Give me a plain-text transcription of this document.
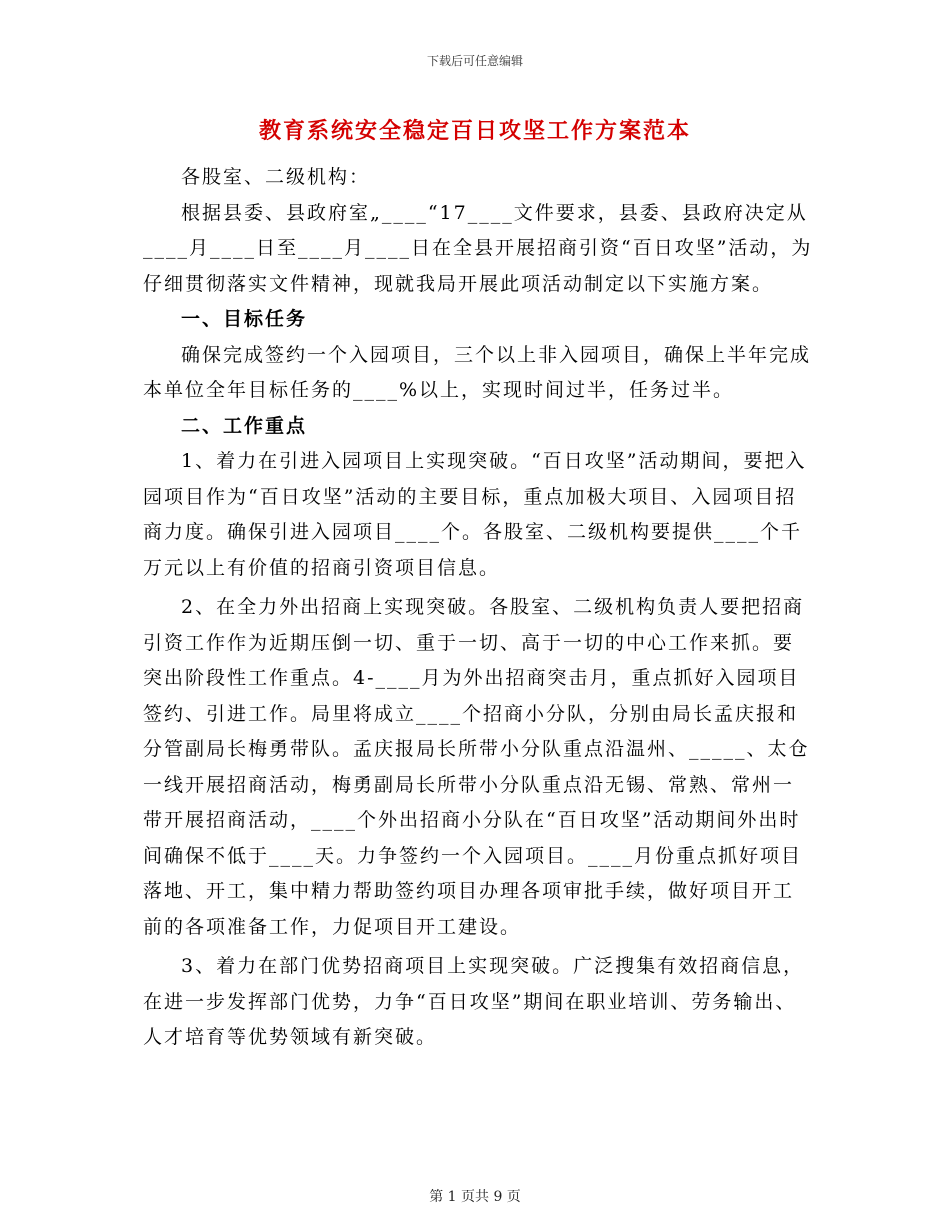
下载后可任意编辑
教育系统安全稳定百日攻坚工作方案范本

各股室、二级机构：

根据县委、县政府室„____“17____文件要求，县委、县政府决定从____月____日至____月____日在全县开展招商引资“百日攻坚”活动，为仔细贯彻落实文件精神，现就我局开展此项活动制定以下实施方案。

一、目标任务

确保完成签约一个入园项目，三个以上非入园项目，确保上半年完成本单位全年目标任务的____%以上，实现时间过半，任务过半。

二、工作重点

1、着力在引进入园项目上实现突破。“百日攻坚”活动期间，要把入园项目作为“百日攻坚”活动的主要目标，重点加极大项目、入园项目招商力度。确保引进入园项目____个。各股室、二级机构要提供____个千万元以上有价值的招商引资项目信息。

2、在全力外出招商上实现突破。各股室、二级机构负责人要把招商引资工作作为近期压倒一切、重于一切、高于一切的中心工作来抓。要突出阶段性工作重点。4-____月为外出招商突击月，重点抓好入园项目签约、引进工作。局里将成立____个招商小分队，分别由局长孟庆报和分管副局长梅勇带队。孟庆报局长所带小分队重点沿温州、_____、太仓一线开展招商活动，梅勇副局长所带小分队重点沿无锡、常熟、常州一带开展招商活动，____个外出招商小分队在“百日攻坚”活动期间外出时间确保不低于____天。力争签约一个入园项目。____月份重点抓好项目落地、开工，集中精力帮助签约项目办理各项审批手续，做好项目开工前的各项准备工作，力促项目开工建设。

3、着力在部门优势招商项目上实现突破。广泛搜集有效招商信息，在进一步发挥部门优势，力争“百日攻坚”期间在职业培训、劳务输出、人才培育等优势领域有新突破。

第 1 页共 9 页
